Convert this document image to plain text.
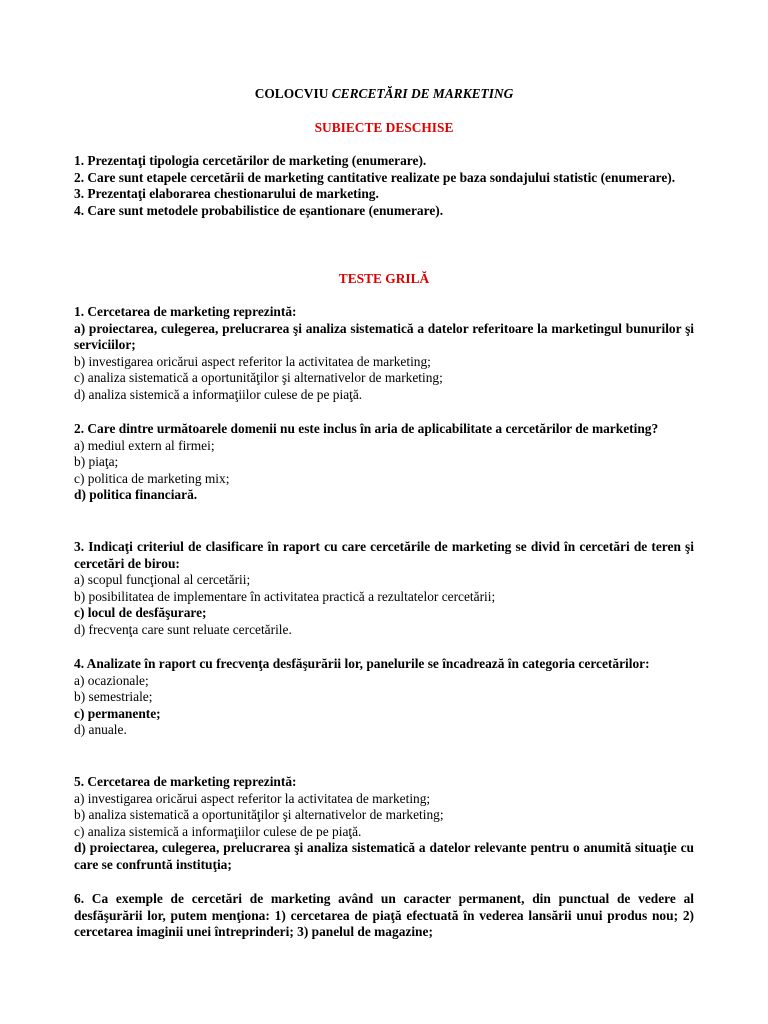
COLOCVIU CERCETĂRI DE MARKETING
SUBIECTE DESCHISE

1. Prezentaţi tipologia cercetărilor de marketing (enumerare).

2. Care sunt etapele cercetării de marketing cantitative realizate pe baza sondajului statistic (enumerare).

3. Prezentaţi elaborarea chestionarului de marketing.

4. Care sunt metodele probabilistice de eșantionare (enumerare).

TESTE GRILĂ

1. Cercetarea de marketing reprezintă:

a) proiectarea, culegerea, prelucrarea şi analiza sistematică a datelor referitoare la marketingul bunurilor şi serviciilor;

b) investigarea oricărui aspect referitor la activitatea de marketing;

c) analiza sistematică a oportunităţilor şi alternativelor de marketing;

d) analiza sistemică a informaţiilor culese de pe piaţă.

2. Care dintre următoarele domenii nu este inclus în aria de aplicabilitate a cercetărilor de marketing?

a) mediul extern al firmei;

b) piaţa;

c) politica de marketing mix;

d) politica financiară.

3. Indicaţi criteriul de clasificare în raport cu care cercetările de marketing se divid în cercetări de teren şi cercetări de birou:

a) scopul funcţional al cercetării;

b) posibilitatea de implementare în activitatea practică a rezultatelor cercetării;

c) locul de desfăşurare;

d) frecvenţa care sunt reluate cercetările.

4. Analizate în raport cu frecvenţa desfăşurării lor, panelurile se încadrează în categoria cercetărilor:

a) ocazionale;

b) semestriale;

c) permanente;

d) anuale.

5. Cercetarea de marketing reprezintă:

a) investigarea oricărui aspect referitor la activitatea de marketing;

b) analiza sistematică a oportunităţilor şi alternativelor de marketing;

c) analiza sistemică a informaţiilor culese de pe piaţă.

d) proiectarea, culegerea, prelucrarea şi analiza sistematică a datelor relevante pentru o anumită situaţie cu care se confruntă instituţia;

6. Ca exemple de cercetări de marketing având un caracter permanent, din punctual de vedere al desfăşurării lor, putem menţiona: 1) cercetarea de piaţă efectuată în vederea lansării unui produs nou; 2) cercetarea imaginii unei întreprinderi; 3) panelul de magazine;
